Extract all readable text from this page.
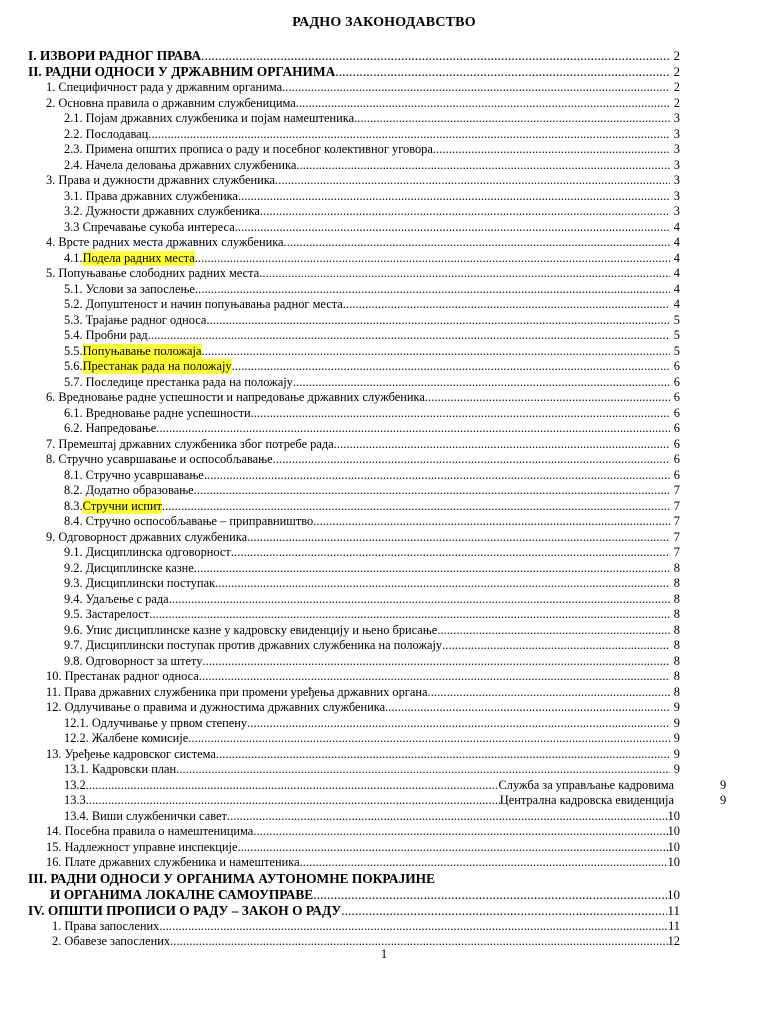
РАДНО ЗАКОНОДАВСТВО
I. ИЗВОРИ РАДНОГ ПРАВА .....	2
II. РАДНИ ОДНОСИ У ДРЖАВНИМ ОРГАНИМА .....	2
1. Специфичност рада у државним органима .....	2
2. Основна правила о државним службеницима .....	2
2.1. Појам државних службеника и појам намештеника .....	3
2.2. Послодавац .....	3
2.3. Примена општих прописа о раду и посебног колективног уговора .....	3
2.4. Начела деловања државних службеника .....	3
3. Права и дужности државних службеника .....	3
3.1. Права државних службеника .....	3
3.2. Дужности државних службеника .....	3
3.3 Спречавање сукоба интереса .....	4
4. Врсте радних места државних службеника .....	4
4.1. Подела радних места .....	4
5. Попуњавање слободних радних места .....	4
5.1. Услови за запослење .....	4
5.2. Допуштеност и начин попуњавања радног места .....	4
5.3. Трајање радног односа .....	5
5.4. Пробни рад .....	5
5.5. Попуњавање положаја .....	5
5.6. Престанак рада на положају .....	6
5.7. Последице престанка рада на положају .....	6
6. Вредновање радне успешности и напредовање државних службеника .....	6
6.1. Вредновање радне успешности .....	6
6.2. Напредовање .....	6
7. Премештај државних службеника због потребе рада .....	6
8. Стручно усавршавање и оспособљавање .....	6
8.1. Стручно усавршавање .....	6
8.2. Додатно образовање .....	7
8.3. Стручни испит .....	7
8.4. Стручно оспособљавање – приправништво .....	7
9. Одговорност државних службеника .....	7
9.1. Дисциплинска одговорност .....	7
9.2. Дисциплинске казне .....	8
9.3. Дисциплински поступак .....	8
9.4. Удаљење с рада .....	8
9.5. Застарелост .....	8
9.6. Упис дисциплинске казне у кадровску евиденцију и њено брисање .....	8
9.7. Дисциплински поступак против државних службеника на положају .....	8
9.8. Одговорност за штету .....	8
10. Престанак радног односа .....	8
11. Права државних службеника при промени уређења државних органа .....	8
12. Одлучивање о правима и дужностима државних службеника .....	9
12.1. Одлучивање у првом степену .....	9
12.2. Жалбене комисије .....	9
13. Уређење кадровског система .....	9
13.1. Кадровски план .....	9
13.2. .....	Служба за управљање кадровима	9
13.3. .....	Централна кадровска евиденција	9
13.4. Виши службенички савет .....	10
14. Посебна правила о намештеницима .....	10
15. Надлежност управне инспекције .....	10
16. Плате државних службеника и намештеника .....	10
III. РАДНИ ОДНОСИ У ОРГАНИМА АУТОНОМНЕ ПОКРАЈИНЕ
И ОРГАНИМА ЛОКАЛНЕ САМОУПРАВЕ .....	10
IV. ОПШТИ ПРОПИСИ О РАДУ – ЗАКОН О РАДУ .....	11
1. Права запослених .....	11
2. Обавезе запослених .....	12
1
